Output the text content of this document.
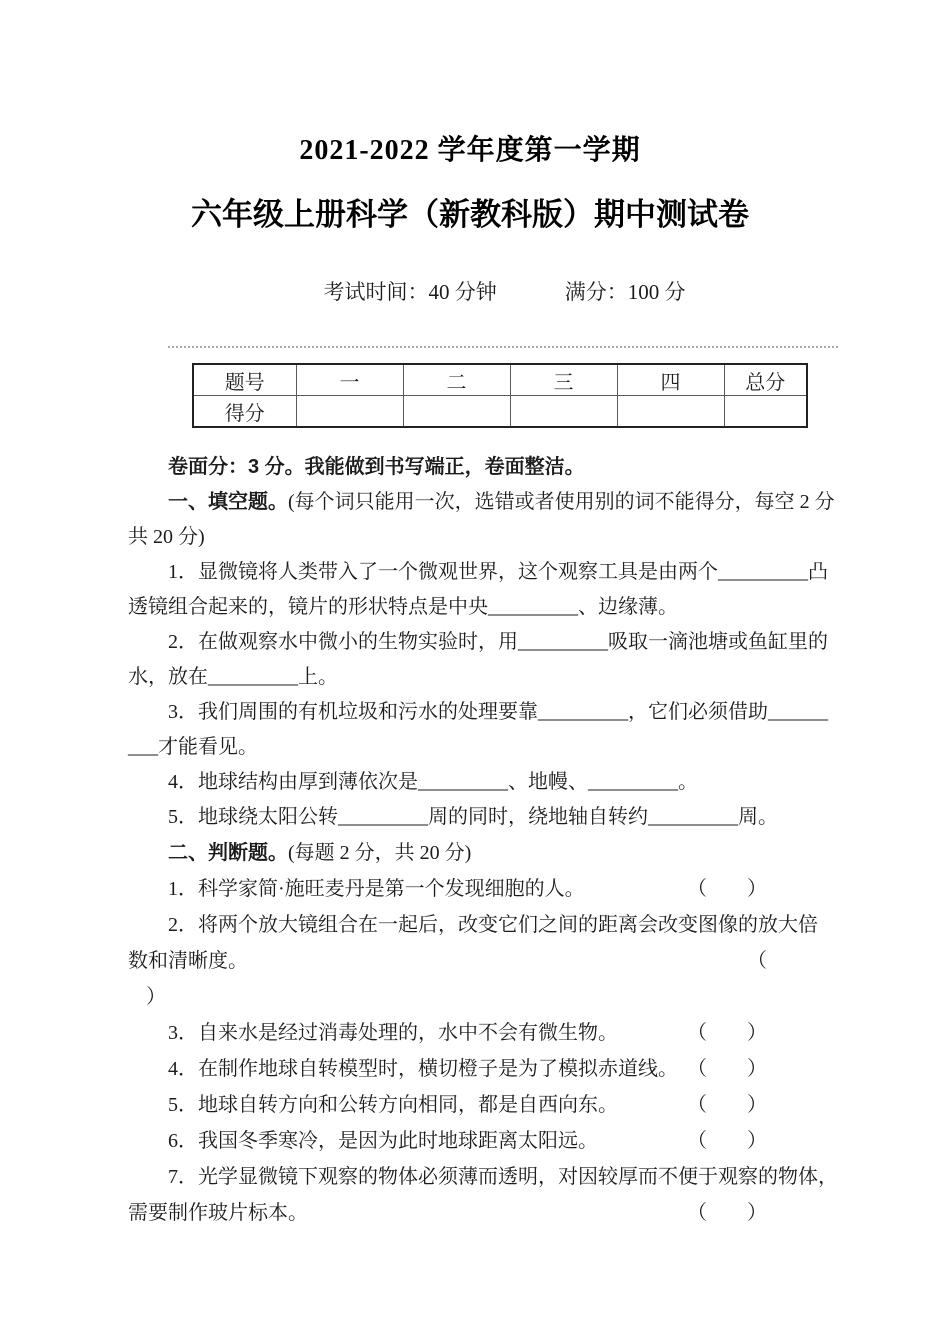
2021-2022 学年度第一学期
六年级上册科学（新教科版）期中测试卷

考试时间：40 分钟	满分：100 分

题号	一	二	三	四	总分
得分					
卷面分：3 分。我能做到书写端正，卷面整洁。
一、填空题。(每个词只能用一次，选错或者使用别的词不能得分，每空 2 分
共 20 分)
1．显微镜将人类带入了一个微观世界，这个观察工具是由两个_________凸
透镜组合起来的，镜片的形状特点是中央_________、边缘薄。
2．在做观察水中微小的生物实验时，用_________吸取一滴池塘或鱼缸里的
水，放在_________上。
3．我们周围的有机垃圾和污水的处理要靠_________，它们必须借助______
___才能看见。
4．地球结构由厚到薄依次是_________、地幔、_________。
5．地球绕太阳公转_________周的同时，绕地轴自转约_________周。
二、判断题。(每题 2 分，共 20 分)
1．科学家简·施旺麦丹是第一个发现细胞的人。	（　　）
2．将两个放大镜组合在一起后，改变它们之间的距离会改变图像的放大倍
数和清晰度。	（
）
3．自来水是经过消毒处理的，水中不会有微生物。	（　　）
4．在制作地球自转模型时，横切橙子是为了模拟赤道线。 （　　）
5．地球自转方向和公转方向相同，都是自西向东。	（　　）
6．我国冬季寒冷，是因为此时地球距离太阳远。	（　　）
7．光学显微镜下观察的物体必须薄而透明，对因较厚而不便于观察的物体，
需要制作玻片标本。	（　　）
